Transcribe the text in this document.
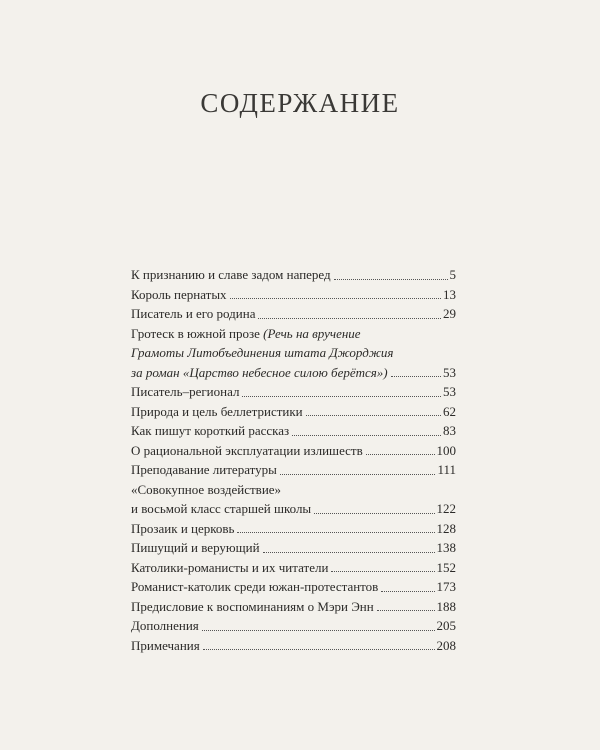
СОДЕРЖАНИЕ
К признанию и славе задом наперед	5
Король пернатых	13
Писатель и его родина	29
Гротеск в южной прозе (Речь на вручение
Грамоты Литобъединения штата Джорджия
за роман «Царство небесное силою берётся»)	53
Писатель–регионал	53
Природа и цель беллетристики	62
Как пишут короткий рассказ	83
О рациональной эксплуатации излишеств	100
Преподавание литературы	111
«Совокупное воздействие»
и восьмой класс старшей школы	122
Прозаик и церковь	128
Пишущий и верующий	138
Католики-романисты и их читатели	152
Романист-католик среди южан-протестантов	173
Предисловие к воспоминаниям о Мэри Энн	188
Дополнения	205
Примечания	208
